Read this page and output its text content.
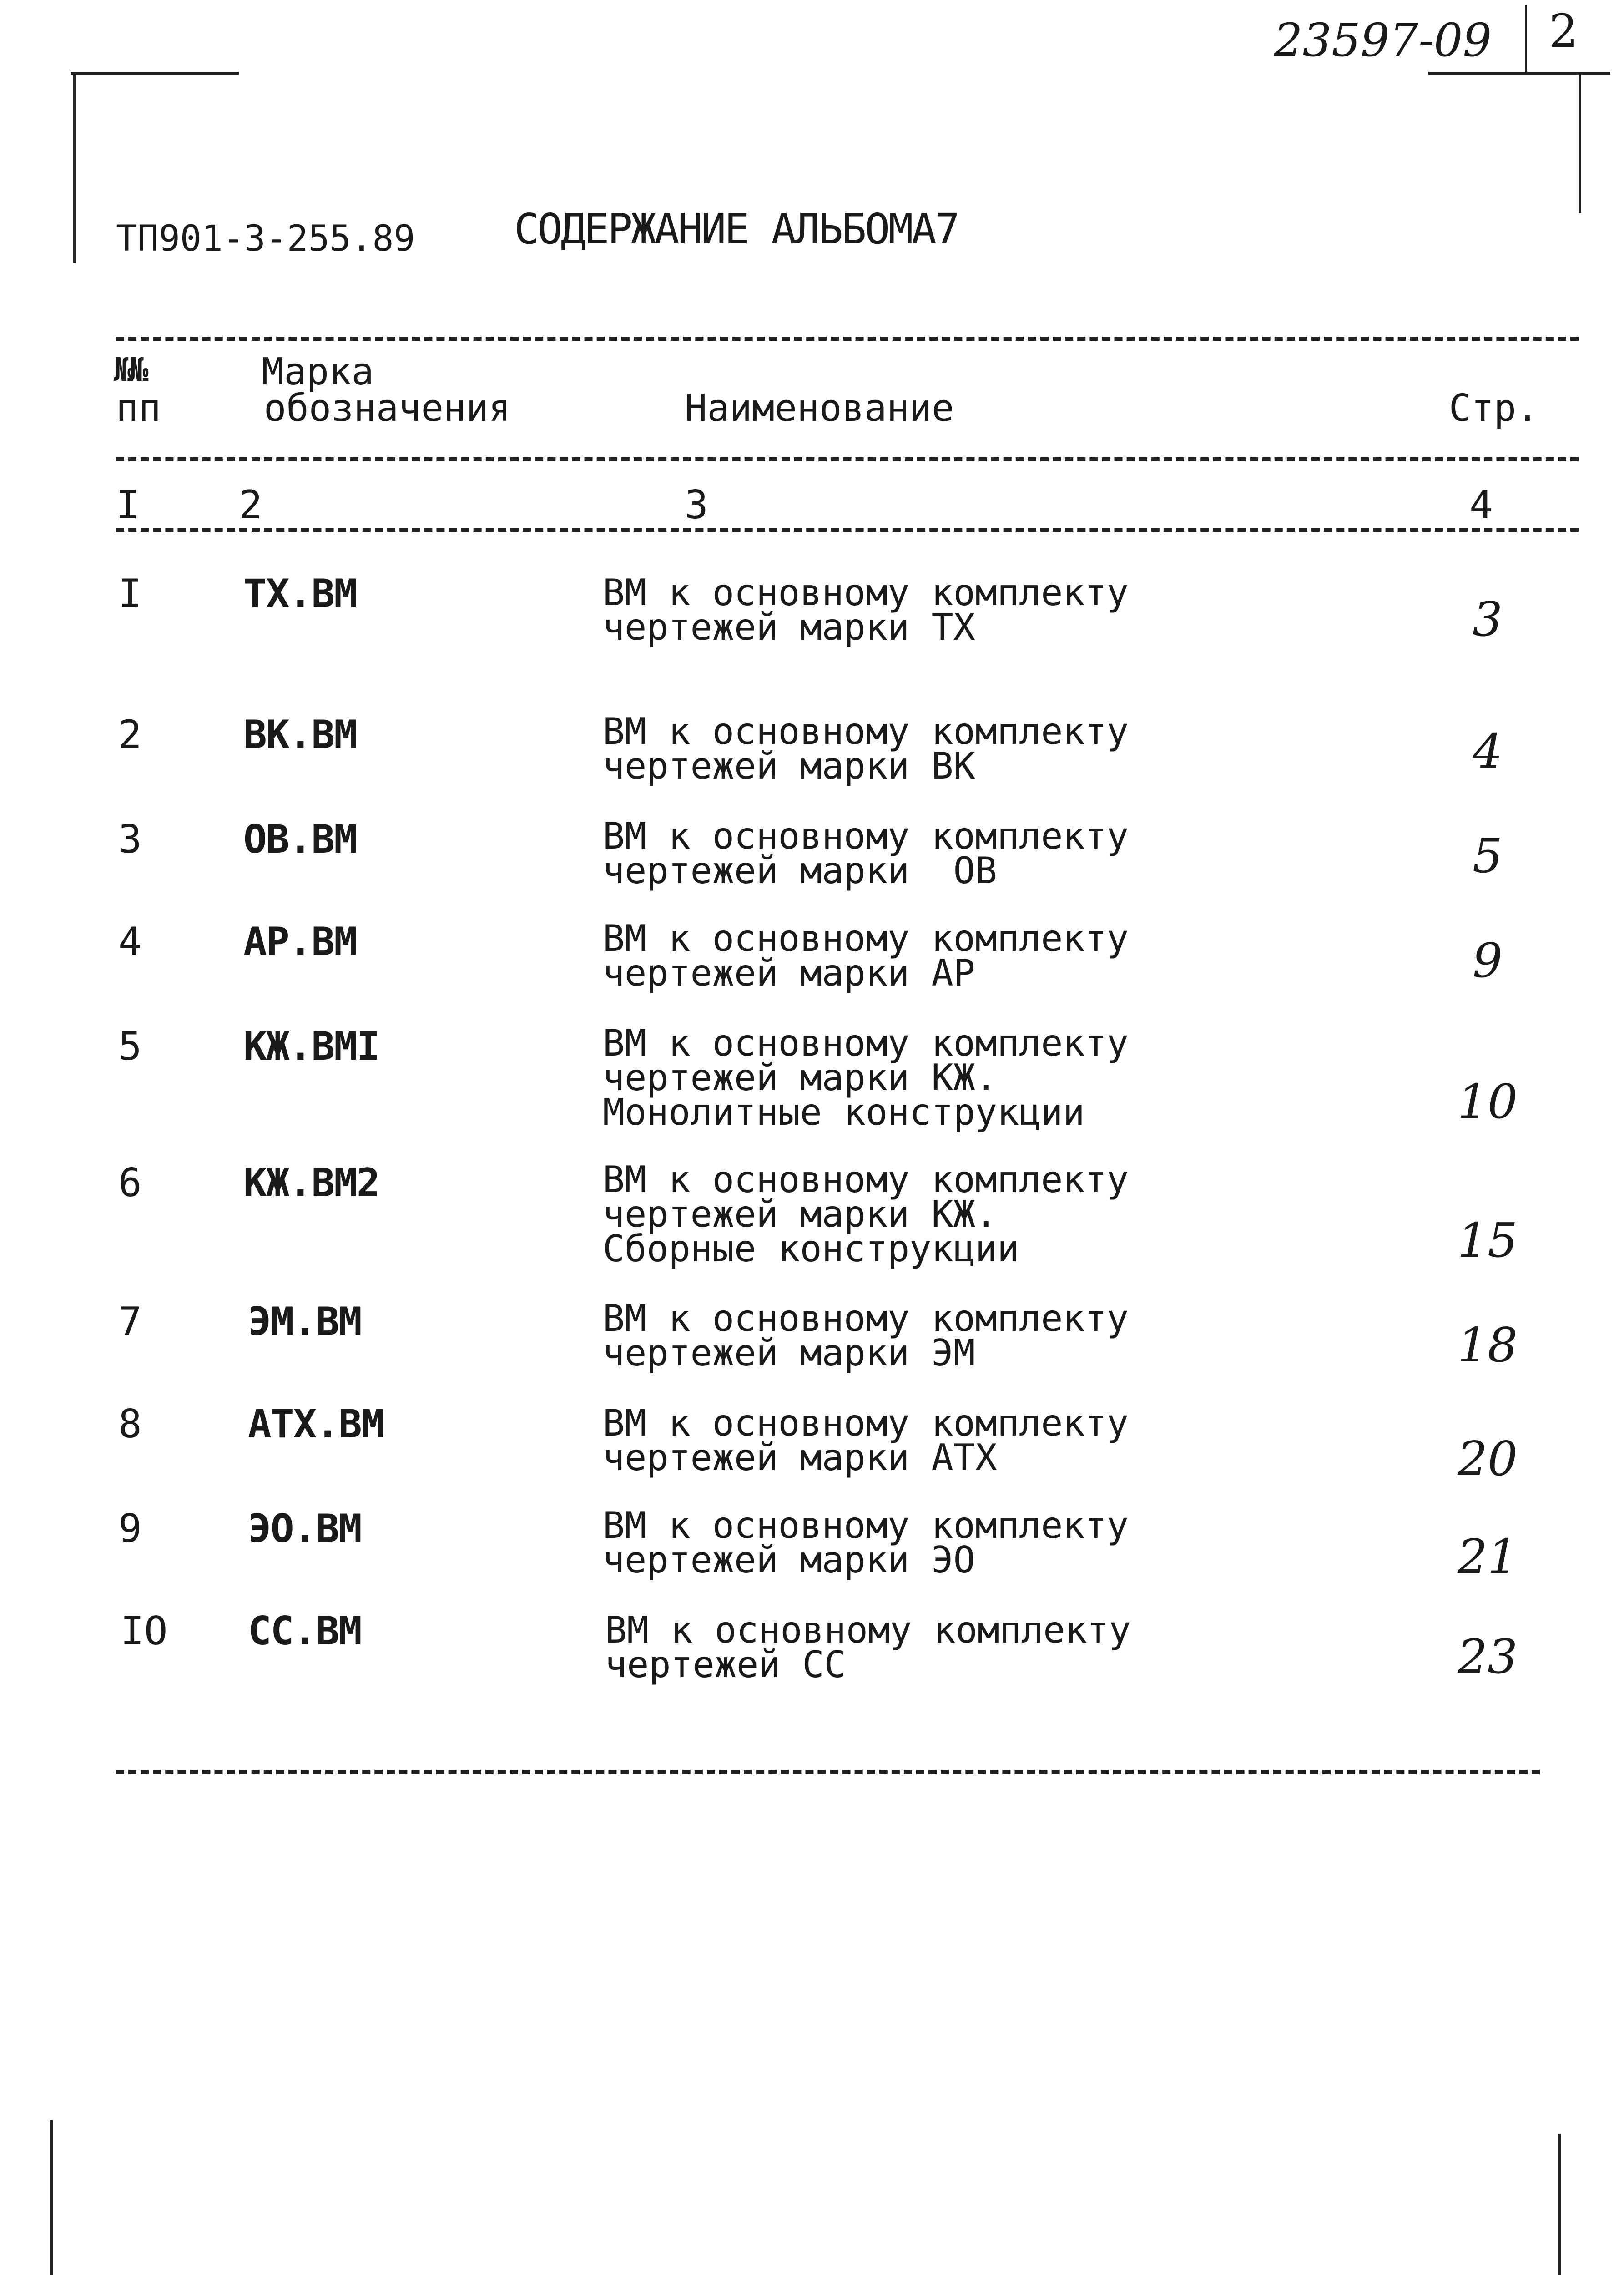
23597-09 2
ТП901-3-255.89 СОДЕРЖАНИЕ АЛЬБОМА 7
№№
пп
Марка
обозначения	Наименование	Стр.
I	2	3	4
I	ТХ.ВМ	ВМ к основному комплекту
чертежей марки ТХ	3
2	ВК.ВМ	ВМ к основному комплекту
чертежей марки ВК	4
3	ОВ.ВМ	ВМ к основному комплекту
чертежей марки  ОВ	5
4	АР.ВМ	ВМ к основному комплекту
чертежей марки АР	9
5	КЖ.ВМI	ВМ к основному комплекту
чертежей марки КЖ.
Монолитные конструкции	10
6	КЖ.ВМ2	ВМ к основному комплекту
чертежей марки КЖ.
Сборные конструкции	15
7	ЭМ.ВМ	ВМ к основному комплекту
чертежей марки ЭМ	18
8	АТХ.ВМ	ВМ к основному комплекту
чертежей марки АТХ	20
9	ЭО.ВМ	ВМ к основному комплекту
чертежей марки ЭО	21
IO СС.ВМ	ВМ к основному комплекту
чертежей СС	23
